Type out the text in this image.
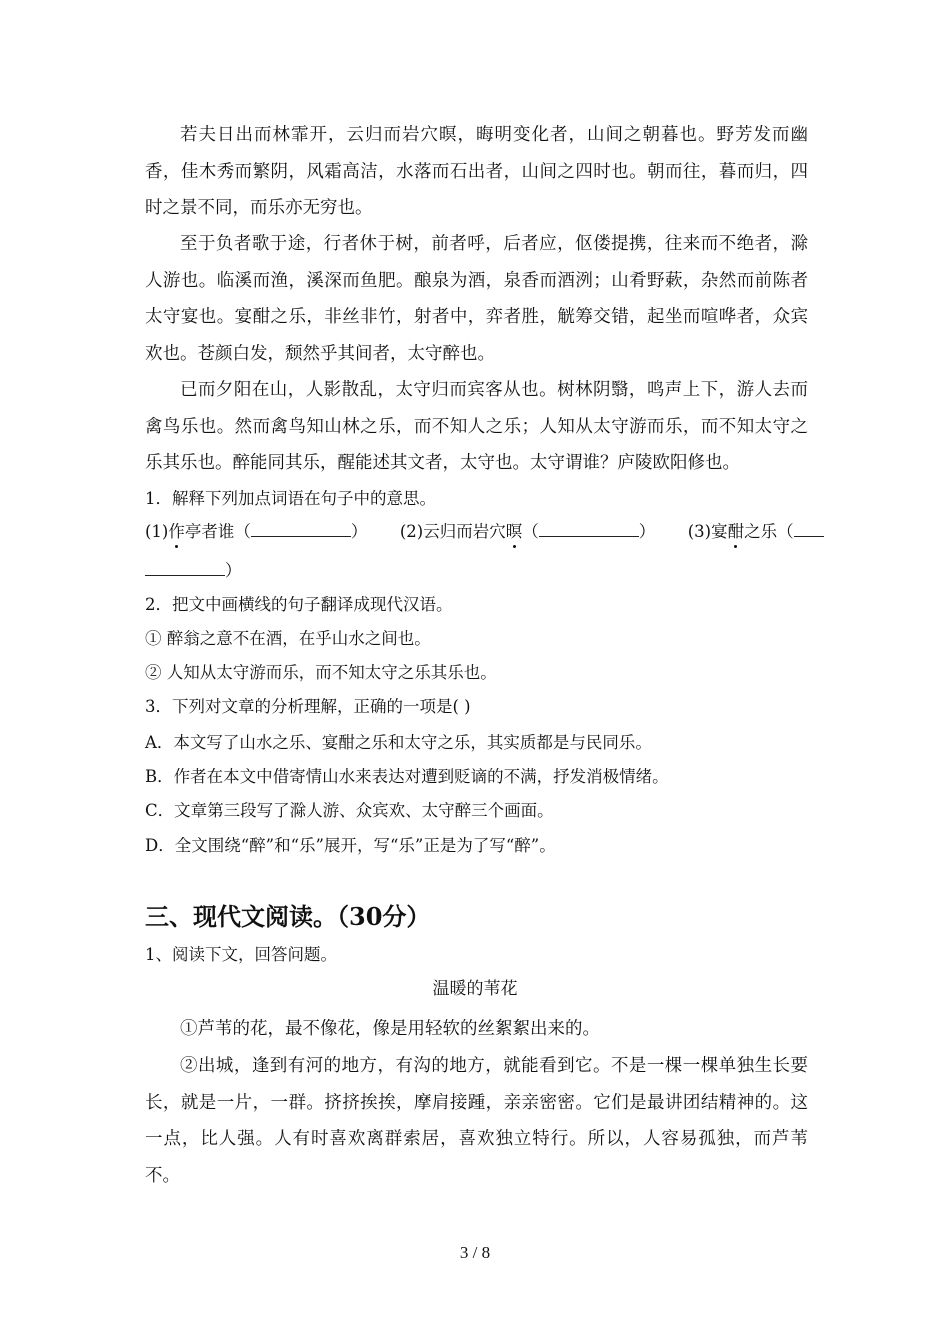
若夫日出而林霏开，云归而岩穴暝，晦明变化者，山间之朝暮也。野芳发而幽香，佳木秀而繁阴，风霜高洁，水落而石出者，山间之四时也。朝而往，暮而归，四时之景不同，而乐亦无穷也。

至于负者歌于途，行者休于树，前者呼，后者应，伛偻提携，往来而不绝者，滁人游也。临溪而渔，溪深而鱼肥。酿泉为酒，泉香而酒洌；山肴野蔌，杂然而前陈者太守宴也。宴酣之乐，非丝非竹，射者中，弈者胜，觥筹交错，起坐而喧哗者，众宾欢也。苍颜白发，颓然乎其间者，太守醉也。

已而夕阳在山，人影散乱，太守归而宾客从也。树林阴翳，鸣声上下，游人去而禽鸟乐也。然而禽鸟知山林之乐，而不知人之乐；人知从太守游而乐，而不知太守之乐其乐也。醉能同其乐，醒能述其文者，太守也。太守谓谁？庐陵欧阳修也。

1．解释下列加点词语在句子中的意思。
(1)作亭者谁（	） (2)云归而岩穴暝（	） (3)宴酣之乐（
）
2．把文中画横线的句子翻译成现代汉语。
① 醉翁之意不在酒，在乎山水之间也。
② 人知从太守游而乐，而不知太守之乐其乐也。
3．下列对文章的分析理解，正确的一项是( )
A．本文写了山水之乐、宴酣之乐和太守之乐，其实质都是与民同乐。
B．作者在本文中借寄情山水来表达对遭到贬谪的不满，抒发消极情绪。
C．文章第三段写了滁人游、众宾欢、太守醉三个画面。
D．全文围绕“醉”和“乐”展开，写“乐”正是为了写“醉”。
三、现代文阅读。（30分）
1、阅读下文，回答问题。
温暖的苇花

①芦苇的花，最不像花，像是用轻软的丝絮絮出来的。

②出城，逢到有河的地方，有沟的地方，就能看到它。不是一棵一棵单独生长要长，就是一片，一群。挤挤挨挨，摩肩接踵，亲亲密密。它们是最讲团结精神的。这一点，比人强。人有时喜欢离群索居，喜欢独立特行。所以，人容易孤独，而芦苇不。

3 / 8
